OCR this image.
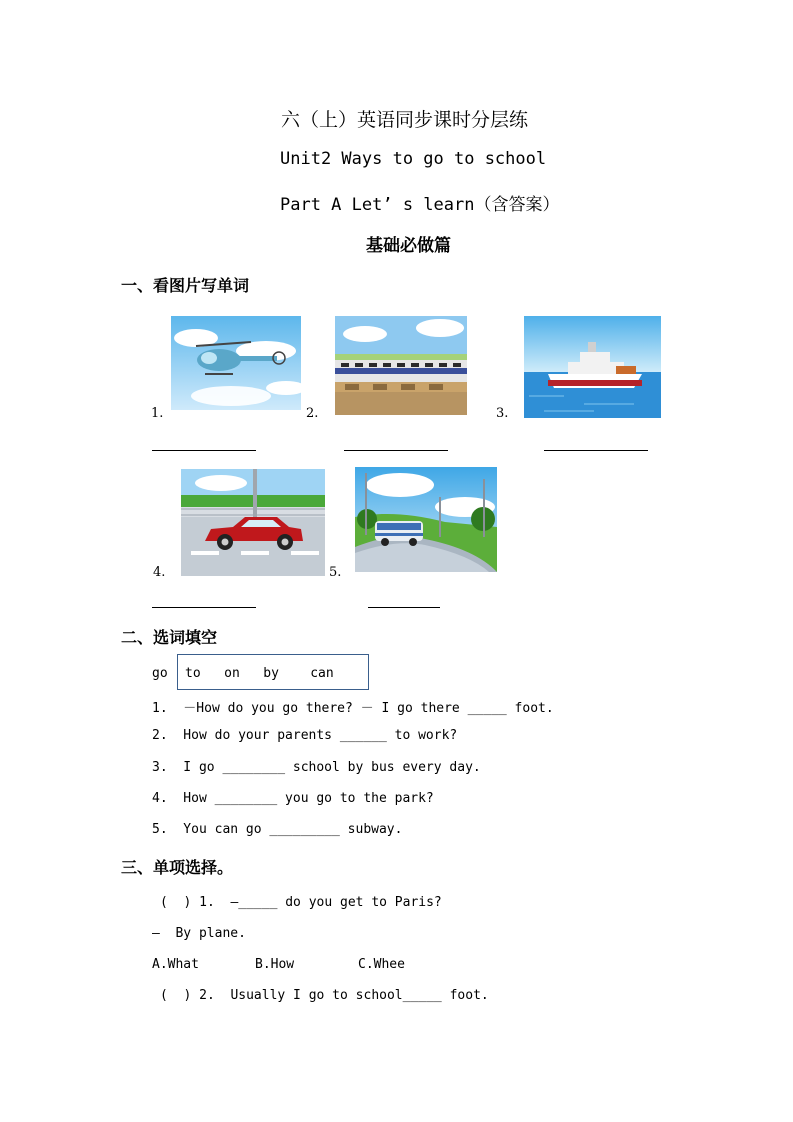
六（上）英语同步课时分层练
Unit2 Ways to go to school
Part A Let’ s learn（含答案）
基础必做篇
一、看图片写单词
1.	2.	3.
4.	5.
二、选词填空
go to   on   by    can
1.  －How do you go there? － I go there _____ foot.
2.  How do your parents ______ to work?
3.  I go ________ school by bus every day.
4.  How ________ you go to the park?
5.  You can go _________ subway.
三、单项选择。
(  ) 1.  —_____ do you get to Paris?
—  By plane.
A.What	B.How	C.Whee
(  ) 2.  Usually I go to school_____ foot.
